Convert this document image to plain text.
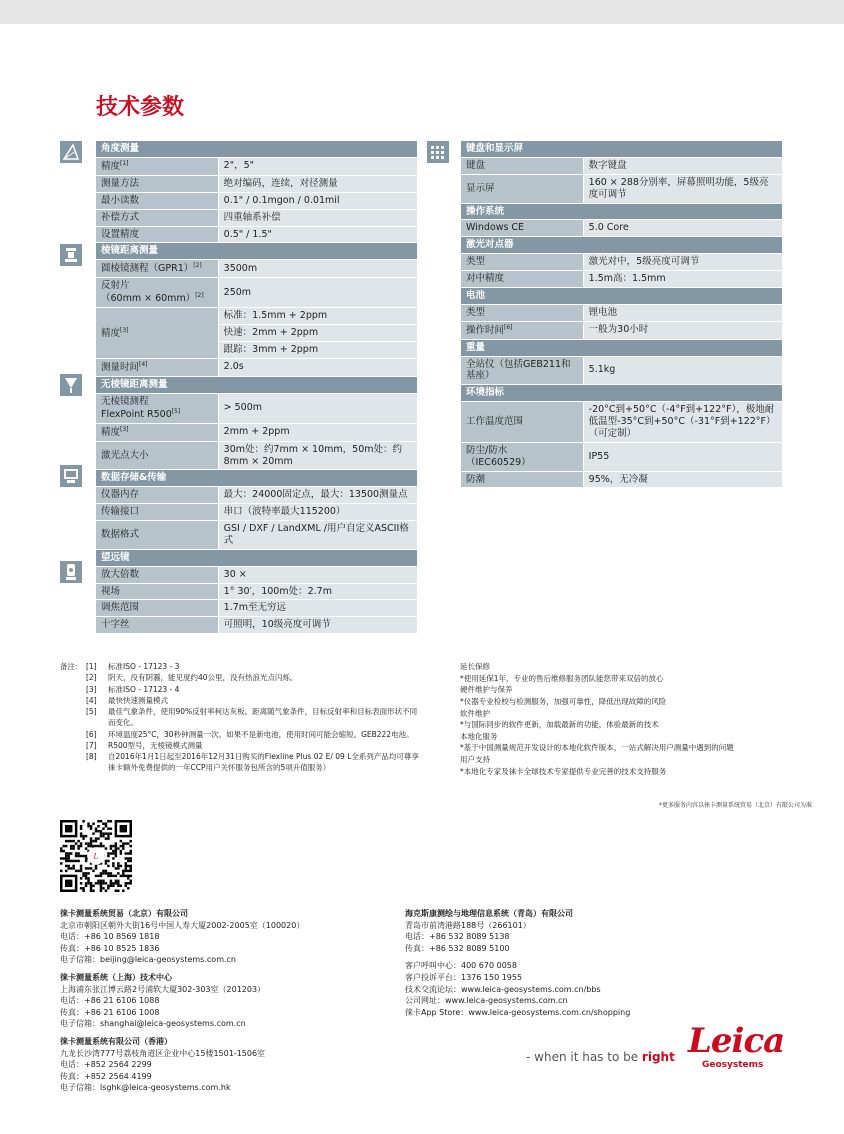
技术参数
角度测量	
精度[1]	2"，5"
测量方法	绝对编码，连续，对径测量
最小读数	0.1" / 0.1mgon / 0.01mil
补偿方式	四重轴系补偿
设置精度	0.5" / 1.5"
棱镜距离测量	
圆棱镜测程（GPR1）[2]	3500m
反射片
（60mm × 60mm）[2]	250m
精度[3]	标准：1.5mm + 2ppm
	快速：2mm + 2ppm
	跟踪：3mm + 2ppm
测量时间[4]	2.0s
无棱镜距离测量	
无棱镜测程
FlexPoint R500[5]	> 500m
精度[3]	2mm + 2ppm
激光点大小	30m处：约7mm × 10mm，50m处：约8mm × 20mm
数据存储&传输	
仪器内存	最大：24000固定点，最大：13500测量点
传输接口	串口（波特率最大115200）
数据格式	GSI / DXF / LandXML /用户自定义ASCII格式
望远镜	
放大倍数	30 ×
视场	1° 30′，100m处：2.7m
调焦范围	1.7m至无穷远
十字丝	可照明，10级亮度可调节
键盘和显示屏	
键盘	数字键盘
显示屏	160 × 288分别率，屏幕照明功能，5级亮度可调节
操作系统	
Windows CE	5.0 Core
激光对点器	
类型	激光对中，5级亮度可调节
对中精度	1.5m高：1.5mm
电池	
类型	锂电池
操作时间[6]	一般为30小时
重量	
全站仪（包括GEB211和基座）	5.1kg
环境指标	
工作温度范围	-20°C到+50°C（-4°F到+122°F），极地耐低温型-35°C到+50°C（-31°F到+122°F）（可定制）
防尘/防水
（IEC60529）	IP55
防潮	95%，无冷凝
备注： [1]	标准ISO - 17123 - 3
[2]	阴天，没有阴霾，能见度约40公里，没有热浪光点闪烁。
[3]	标准ISO - 17123 - 4
[4]	最快快速测量模式
[5]	最佳气象条件，使用90%反射率柯达灰板。距离随气象条件，目标反射率和目标表面形状不同而变化。
[6]	环境温度25°C，30秒钟测量一次。如果不是新电池，使用时间可能会缩短。GEB222电池。
[7]	R500型号，无棱镜模式测量
[8]	自2016年1月1日起至2016年12月31日购买的Flexline Plus 02 E/ 09 L全系列产品均可尊享徕卡额外免费提供的一年CCP用户关怀服务包所含的5项升值服务）
延长保修
*使用延保1年，专业的售后维修服务团队能您带来双倍的放心
硬件维护与保养
*仪器专业检校与检测服务，加强可靠性，降低出现故障的风险
软件维护
*与国际同步的软件更新，加载最新的功能，体验最新的技术
本地化服务
*基于中国测量规范开发设计的本地化软件版本，一站式解决用户测量中遇到的问题
用户支持
*本地化专家及徕卡全球技术专家提供专业完善的技术支持服务
*更多服务内容以徕卡测量系统贸易（北京）有限公司为准
L
徕卡测量系统贸易（北京）有限公司
北京市朝阳区朝外大街16号中国人寿大厦2002-2005室（100020）
电话：+86 10 8569 1818
传真：+86 10 8525 1836
电子信箱：beijing@leica-geosystems.com.cn
徕卡测量系统（上海）技术中心
上海浦东张江博云路2号浦软大厦302-303室（201203）
电话：+86 21 6106 1088
传真：+86 21 6106 1008
电子信箱：shanghai@leica-geosystems.com.cn
徕卡测量系统有限公司（香港）
九龙长沙湾777号荔枝角道区企业中心15楼1501-1506室
电话：+852 2564 2299
传真：+852 2564 4199
电子信箱：lsghk@leica-geosystems.com.hk
海克斯康测绘与地理信息系统（青岛）有限公司
青岛市前湾港路188号（266101）
电话：+86 532 8089 5138
传真：+86 532 8089 5100
客户呼叫中心：400 670 0058
客户投诉平台：1376 150 1955
技术交流论坛：www.leica-geosystems.com.cn/bbs
公司网址：www.leica-geosystems.com.cn
徕卡App Store：www.leica-geosystems.com.cn/shopping
- when it has to be right Leica
Geosystems
